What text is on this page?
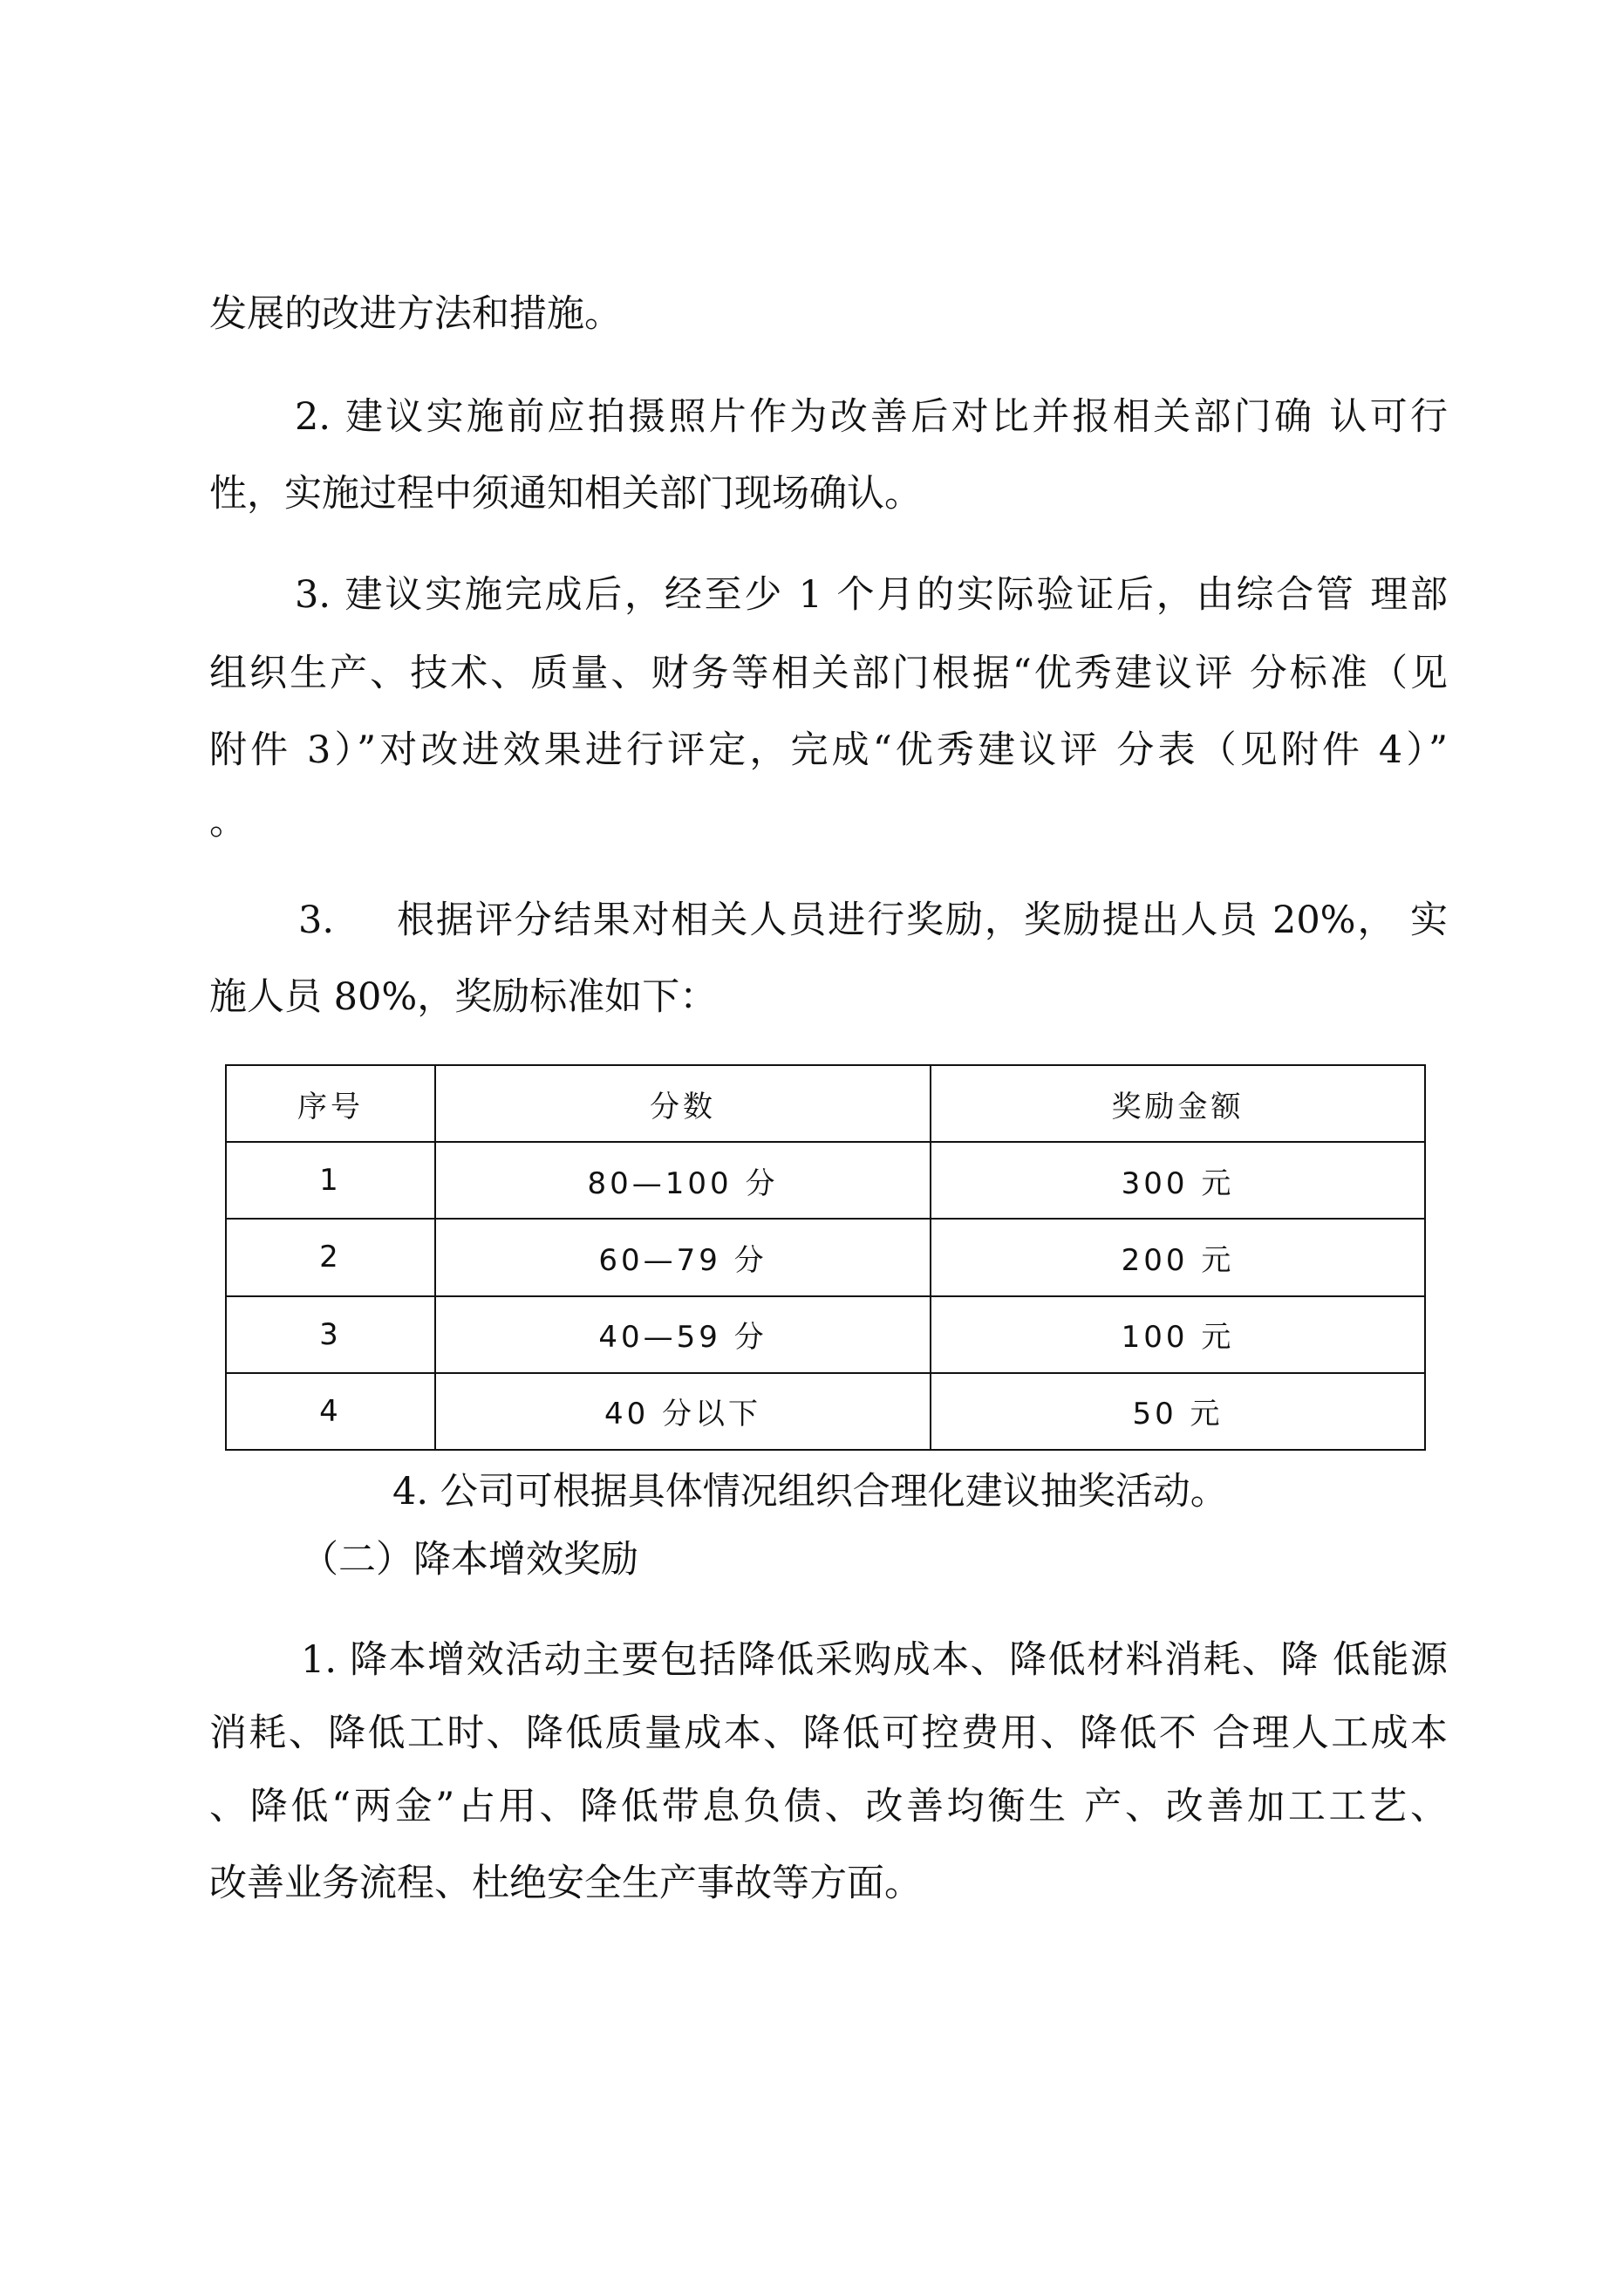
发展的改进方法和措施。
2. 建议实施前应拍摄照片作为改善后对比并报相关部门确 认可行
性，实施过程中须通知相关部门现场确认。
3. 建议实施完成后，经至少 1 个月的实际验证后，由综合管 理部
组织生产、技术、质量、财务等相关部门根据“优秀建议评 分标准（见
附件 3）”对改进效果进行评定，完成“优秀建议评 分表（见附件 4）”
。
3.	根据评分结果对相关人员进行奖励，奖励提出人员 20%， 实
施人员 80%，奖励标准如下：
序号	分数	奖励金额
1	80—100 分	300 元
2	60—79 分	200 元
3	40—59 分	100 元
4	40 分以下	50 元
4. 公司可根据具体情况组织合理化建议抽奖活动。
（二）降本增效奖励
1. 降本增效活动主要包括降低采购成本、降低材料消耗、降 低能源
消耗、降低工时、降低质量成本、降低可控费用、降低不 合理人工成本
、降低“两金”占用、降低带息负债、改善均衡生 产、改善加工工艺、
改善业务流程、杜绝安全生产事故等方面。
